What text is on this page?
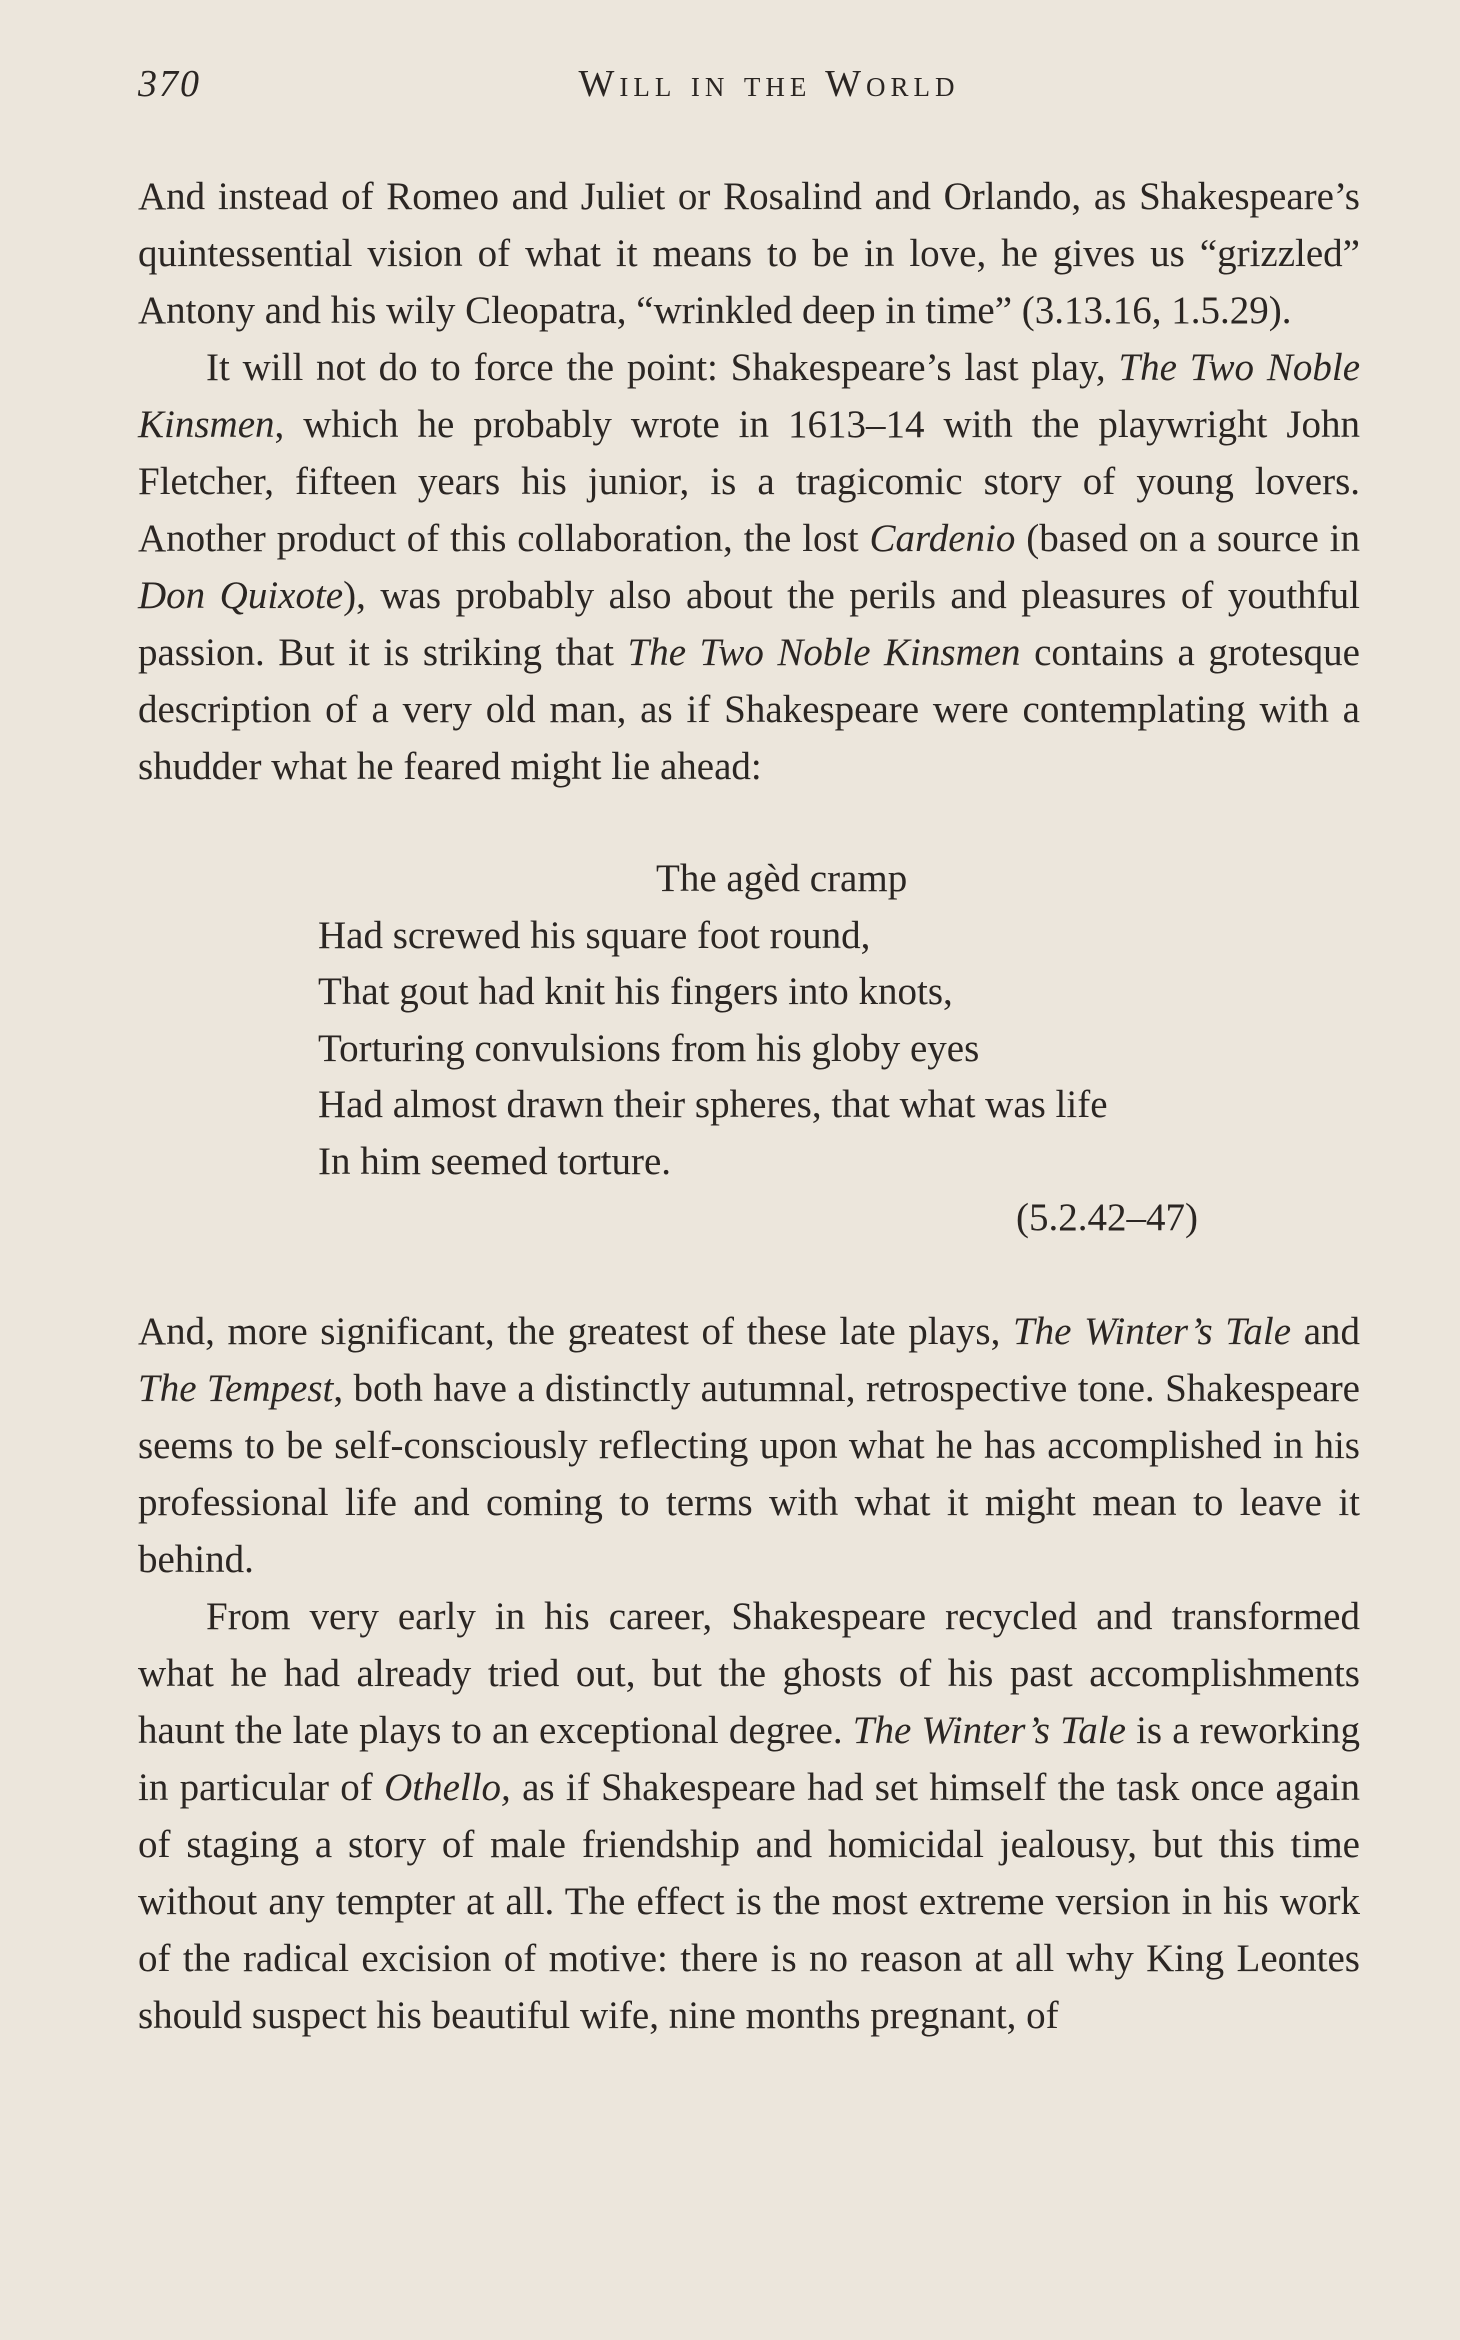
370	Will in the World

And instead of Romeo and Juliet or Rosalind and Orlando, as Shakespeare’s quintessential vision of what it means to be in love, he gives us “grizzled” Antony and his wily Cleopatra, “wrinkled deep in time” (3.13.16, 1.5.29).

It will not do to force the point: Shakespeare’s last play, The Two Noble Kinsmen, which he probably wrote in 1613–14 with the playwright John Fletcher, fifteen years his junior, is a tragicomic story of young lovers. Another product of this collaboration, the lost Cardenio (based on a source in Don Quixote), was probably also about the perils and pleasures of youthful passion. But it is striking that The Two Noble Kinsmen contains a grotesque description of a very old man, as if Shakespeare were contemplating with a shudder what he feared might lie ahead:

The agèd cramp
Had screwed his square foot round,
That gout had knit his fingers into knots,
Torturing convulsions from his globy eyes
Had almost drawn their spheres, that what was life
In him seemed torture.
(5.2.42–47)

And, more significant, the greatest of these late plays, The Winter’s Tale and The Tempest, both have a distinctly autumnal, retrospective tone. Shakespeare seems to be self-consciously reflecting upon what he has accomplished in his professional life and coming to terms with what it might mean to leave it behind.

From very early in his career, Shakespeare recycled and transformed what he had already tried out, but the ghosts of his past accomplishments haunt the late plays to an exceptional degree. The Winter’s Tale is a reworking in particular of Othello, as if Shakespeare had set himself the task once again of staging a story of male friendship and homicidal jealousy, but this time without any tempter at all. The effect is the most extreme version in his work of the radical excision of motive: there is no reason at all why King Leontes should suspect his beautiful wife, nine months pregnant, of
